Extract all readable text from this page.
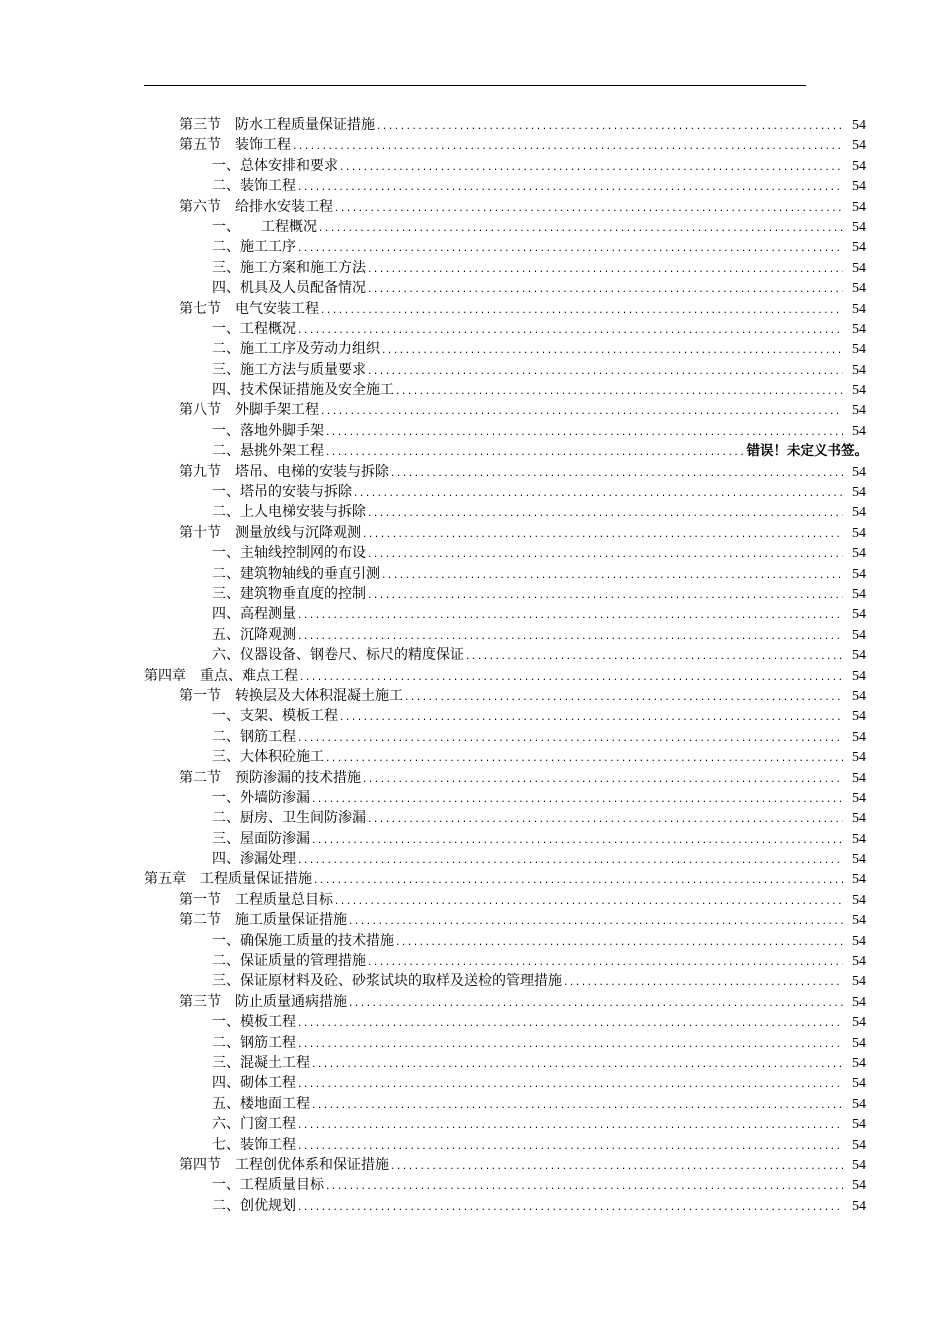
第三节　防水工程质量保证措施 .....	54
第五节　装饰工程 .....	54
一、总体安排和要求 .....	54
二、装饰工程 .....	54
第六节　给排水安装工程 .....	54
一、　　工程概况 .....	54
二、施工工序 .....	54
三、施工方案和施工方法 .....	54
四、机具及人员配备情况 .....	54
第七节　电气安装工程 .....	54
一、工程概况 .....	54
二、施工工序及劳动力组织 .....	54
三、施工方法与质量要求 .....	54
四、技术保证措施及安全施工 .....	54
第八节　外脚手架工程 .....	54
一、落地外脚手架 .....	54
二、悬挑外架工程 .....	错误！未定义书签。
第九节　塔吊、电梯的安装与拆除 .....	54
一、塔吊的安装与拆除 .....	54
二、上人电梯安装与拆除 .....	54
第十节　测量放线与沉降观测 .....	54
一、主轴线控制网的布设 .....	54
二、建筑物轴线的垂直引测 .....	54
三、建筑物垂直度的控制 .....	54
四、高程测量 .....	54
五、沉降观测 .....	54
六、仪器设备、钢卷尺、标尺的精度保证 .....	54
第四章　重点、难点工程 .....	54
第一节　转换层及大体积混凝土施工 .....	54
一、支架、模板工程 .....	54
二、钢筋工程 .....	54
三、大体积砼施工 .....	54
第二节　预防渗漏的技术措施 .....	54
一、外墙防渗漏 .....	54
二、厨房、卫生间防渗漏 .....	54
三、屋面防渗漏 .....	54
四、渗漏处理 .....	54
第五章　工程质量保证措施 .....	54
第一节　工程质量总目标 .....	54
第二节　施工质量保证措施 .....	54
一、确保施工质量的技术措施 .....	54
二、保证质量的管理措施 .....	54
三、保证原材料及砼、砂浆试块的取样及送检的管理措施 .....	54
第三节　防止质量通病措施 .....	54
一、模板工程 .....	54
二、钢筋工程 .....	54
三、混凝土工程 .....	54
四、砌体工程 .....	54
五、楼地面工程 .....	54
六、门窗工程 .....	54
七、装饰工程 .....	54
第四节　工程创优体系和保证措施 .....	54
一、工程质量目标 .....	54
二、创优规划 .....	54
